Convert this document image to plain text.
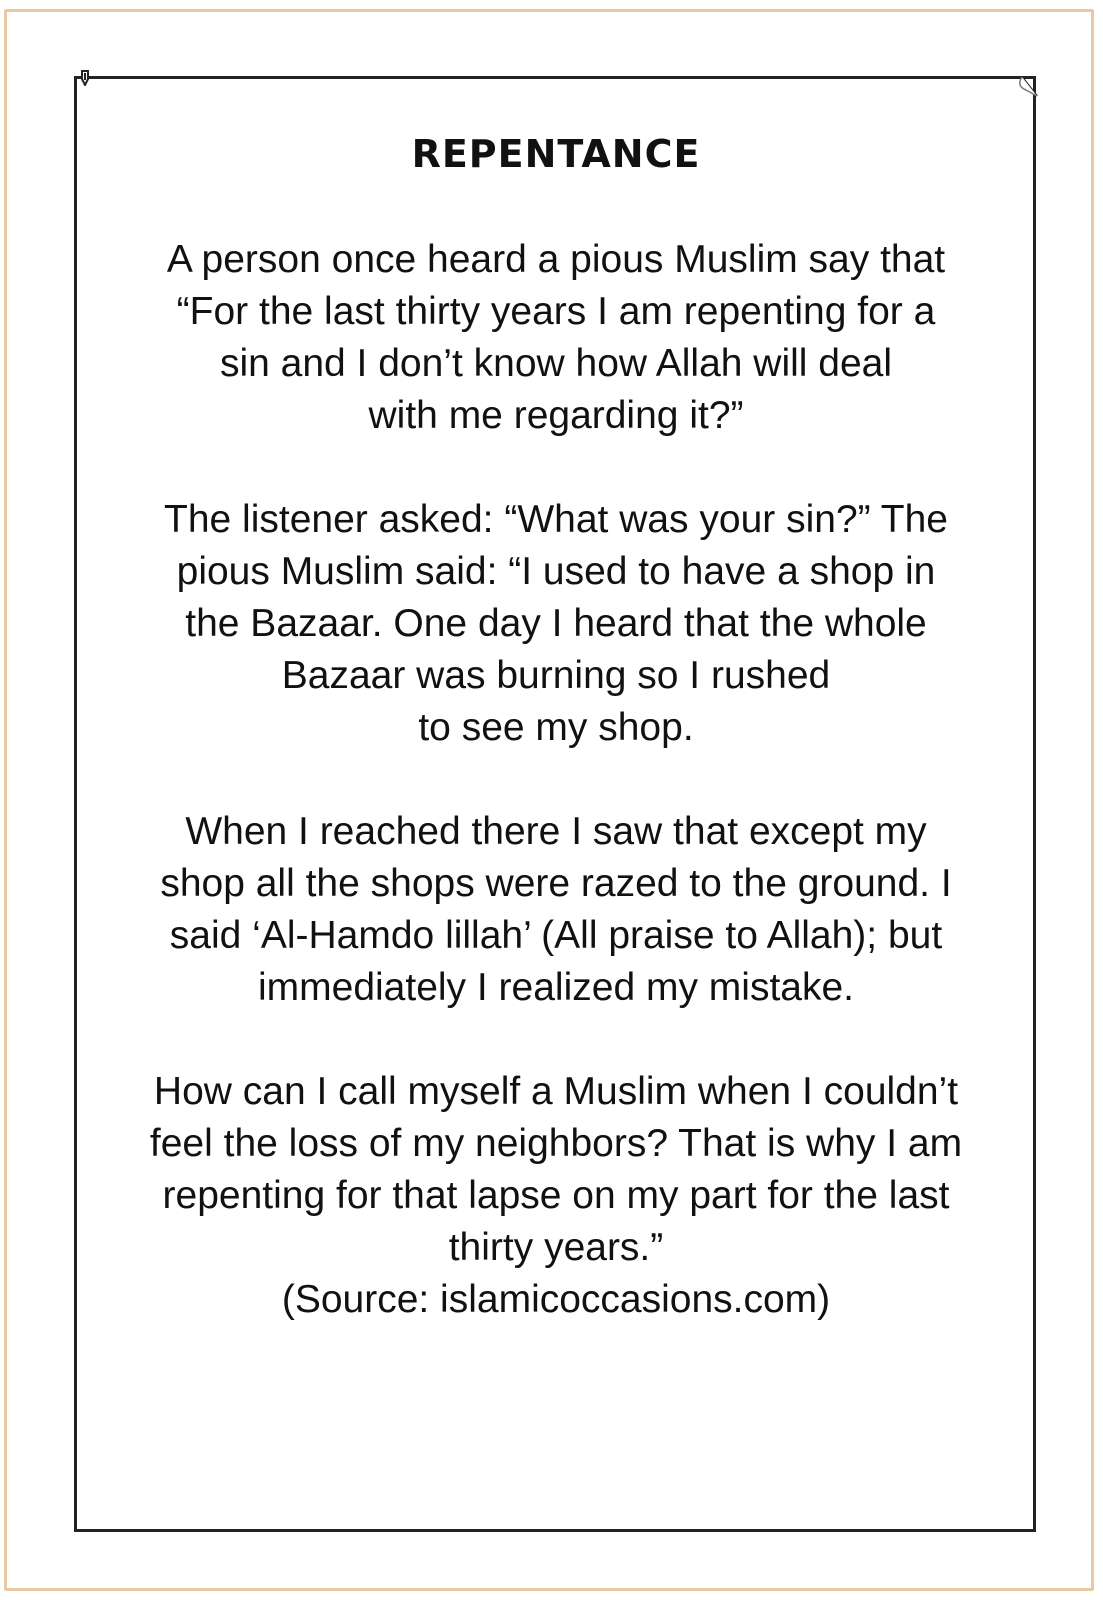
REPENTANCE

A person once heard a pious Muslim say that

“For the last thirty years I am repenting for a

sin and I don’t know how Allah will deal

with me regarding it?”

The listener asked: “What was your sin?” The

pious Muslim said: “I used to have a shop in

the Bazaar. One day I heard that the whole

Bazaar was burning so I rushed

to see my shop.

When I reached there I saw that except my

shop all the shops were razed to the ground. I

said ‘Al-Hamdo lillah’ (All praise to Allah); but

immediately I realized my mistake.

How can I call myself a Muslim when I couldn’t

feel the loss of my neighbors? That is why I am

repenting for that lapse on my part for the last

thirty years.”

(Source: islamicoccasions.com)
